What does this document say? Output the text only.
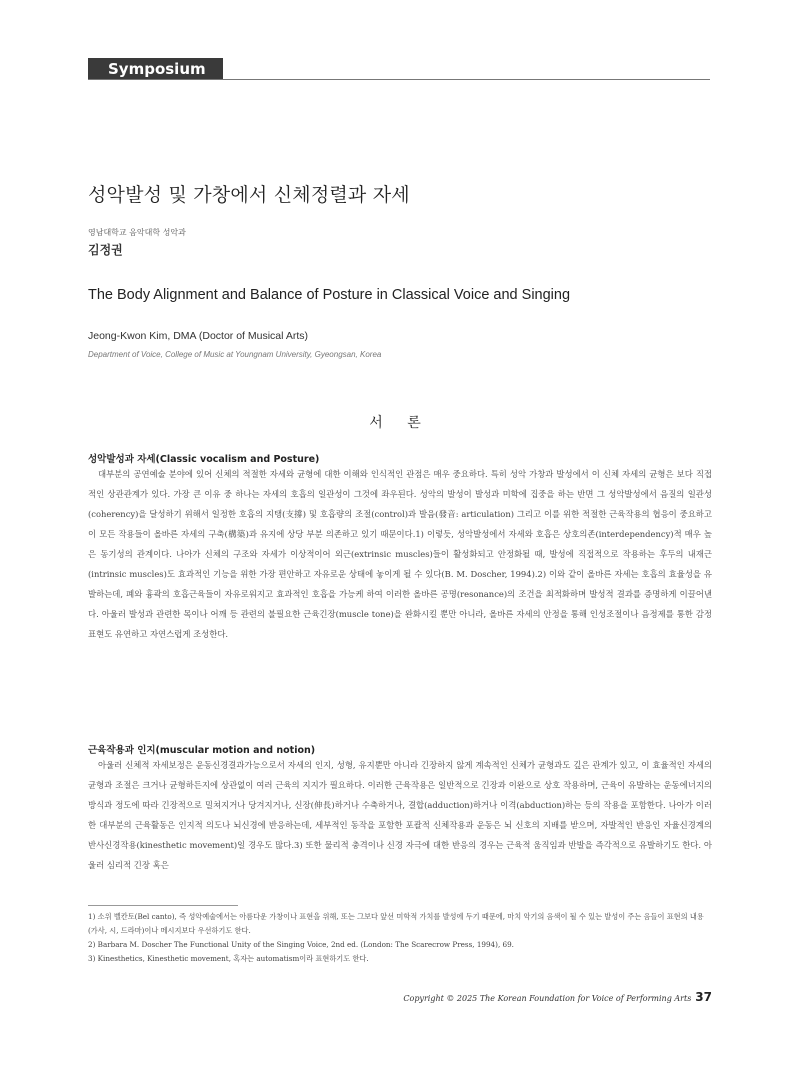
Symposium
성악발성 및 가창에서 신체정렬과 자세
영남대학교 음악대학 성악과
김정권
The Body Alignment and Balance of Posture in Classical Voice and Singing
Jeong-Kwon Kim, DMA (Doctor of Musical Arts)
Department of Voice, College of Music at Youngnam University, Gyeongsan, Korea
서 론
성악발성과 자세(Classic vocalism and Posture)

대부분의 공연예술 분야에 있어 신체의 적절한 자세와 균형에 대한 이해와 인식적인 관점은 매우 중요하다. 특히 성악 가창과 발성에서 이 신체 자세의 균형은 보다 직접적인 상관관계가 있다. 가장 큰 이유 중 하나는 자세의 호흡의 일관성이 그것에 좌우된다. 성악의 발성이 발성과 미학에 집중을 하는 반면 그 성악발성에서 음질의 일관성(coherency)을 달성하기 위해서 일정한 호흡의 지탱(支撐) 및 호흡량의 조절(control)과 발음(發音: articulation) 그리고 이를 위한 적절한 근육작용의 협응이 중요하고 이 모든 작용들이 올바른 자세의 구축(構築)과 유지에 상당 부분 의존하고 있기 때문이다.1) 이렇듯, 성악발성에서 자세와 호흡은 상호의존(interdependency)적 매우 높은 동기성의 관계이다. 나아가 신체의 구조와 자세가 이상적이어 외근(extrinsic muscles)들이 활성화되고 안정화될 때, 발성에 직접적으로 작용하는 후두의 내재근(intrinsic muscles)도 효과적인 기능을 위한 가장 편안하고 자유로운 상태에 놓이게 될 수 있다(B. M. Doscher, 1994).2) 이와 같이 올바른 자세는 호흡의 효율성을 유발하는데, 폐와 흉곽의 호흡근육들이 자유로워지고 효과적인 호흡을 가능케 하여 이러한 올바른 공명(resonance)의 조건을 최적화하며 발성적 결과를 증명하게 이끌어낸다. 아울러 발성과 관련한 목이나 어깨 등 관련의 불필요한 근육긴장(muscle tone)을 완화시킬 뿐만 아니라, 올바른 자세의 안정을 통해 인성조절이나 음정제를 통한 감정 표현도 유연하고 자연스럽게 조성한다.

근육작용과 인지(muscular motion and notion)

아울러 신체적 자세보정은 운동신경결과가능으로서 자세의 인지, 성형, 유지뿐만 아니라 긴장하지 않게 계속적인 신체가 균형과도 깊은 관계가 있고, 이 효율적인 자세의 균형과 조절은 크거나 균형하든지에 상관없이 여러 근육의 지지가 필요하다. 이러한 근육작용은 일반적으로 긴장과 이완으로 상호 작용하며, 근육이 유발하는 운동에너지의 방식과 정도에 따라 긴장적으로 밀쳐지거나 당겨지거나, 신장(伸長)하거나 수축하거나, 결합(adduction)하거나 이격(abduction)하는 등의 작용을 포함한다. 나아가 이러한 대부분의 근육활동은 인지적 의도나 뇌신경에 반응하는데, 세부적인 동작을 포함한 포괄적 신체작용과 운동은 뇌 신호의 지배를 받으며, 자발적인 반응인 자율신경계의 반사신경작용(kinesthetic movement)일 경우도 많다.3) 또한 물리적 충격이나 신경 자극에 대한 반응의 경우는 근육적 움직임과 반발을 즉각적으로 유발하기도 한다. 아울러 심리적 긴장 혹은

1) 소위 벨칸토(Bel canto), 즉 성악예술에서는 아름다운 가창이나 표현을 위해, 또는 그보다 앞선 미학적 가치를 발성에 두기 때문에, 마치 악기의 음색이 될 수 있는 발성이 주는 음들이 표현의 내용(가사, 시, 드라마)이나 메시지보다 우선하기도 한다.
2) Barbara M. Doscher The Functional Unity of the Singing Voice, 2nd ed. (London: The Scarecrow Press, 1994), 69.
3) Kinesthetics, Kinesthetic movement, 혹자는 automatism이라 표현하기도 한다.
Copyright © 2025 The Korean Foundation for Voice of Performing Arts 37
